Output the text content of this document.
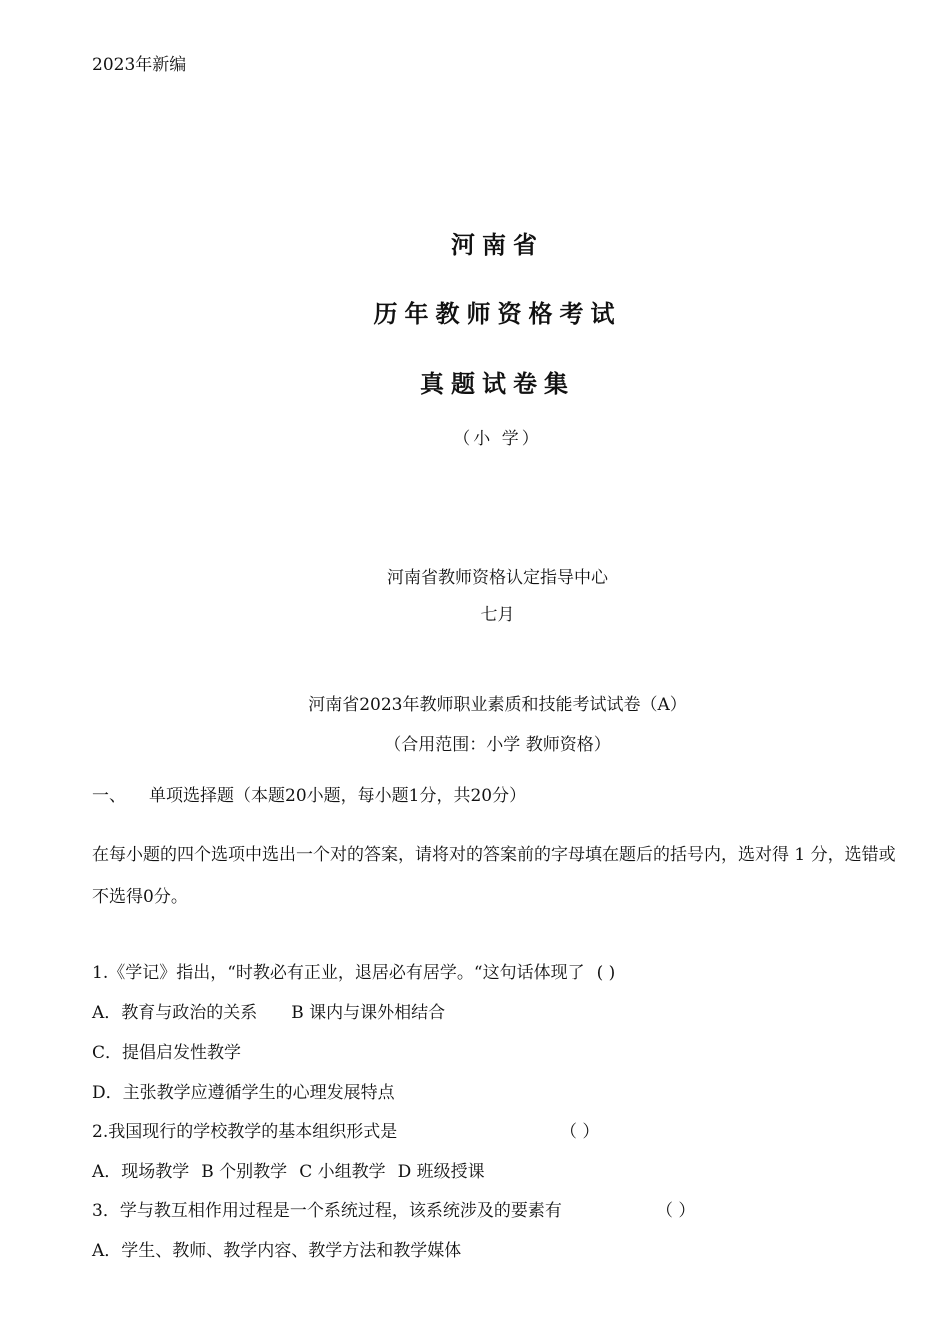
2023年新编
河南省
历年教师资格考试
真题试卷集
（小 学）
河南省教师资格认定指导中心
七月
河南省2023年教师职业素质和技能考试试卷（A）
（合用范围：小学 教师资格）
一、 单项选择题（本题20小题，每小题1分，共20分）
在每小题的四个选项中选出一个对的答案，请将对的答案前的字母填在题后的括号内，选对得 1 分，选错或不选得0分。
1.《学记》指出，“时教必有正业，退居必有居学。“这句话体现了 ( )
A．教育与政治的关系 B 课内与课外相结合
C．提倡启发性教学
D．主张教学应遵循学生的心理发展特点
2.我国现行的学校教学的基本组织形式是	（ ）
A．现场教学 B 个别教学 C 小组教学 D 班级授课
3．学与教互相作用过程是一个系统过程，该系统涉及的要素有	（ ）
A．学生、教师、教学内容、教学方法和教学媒体
